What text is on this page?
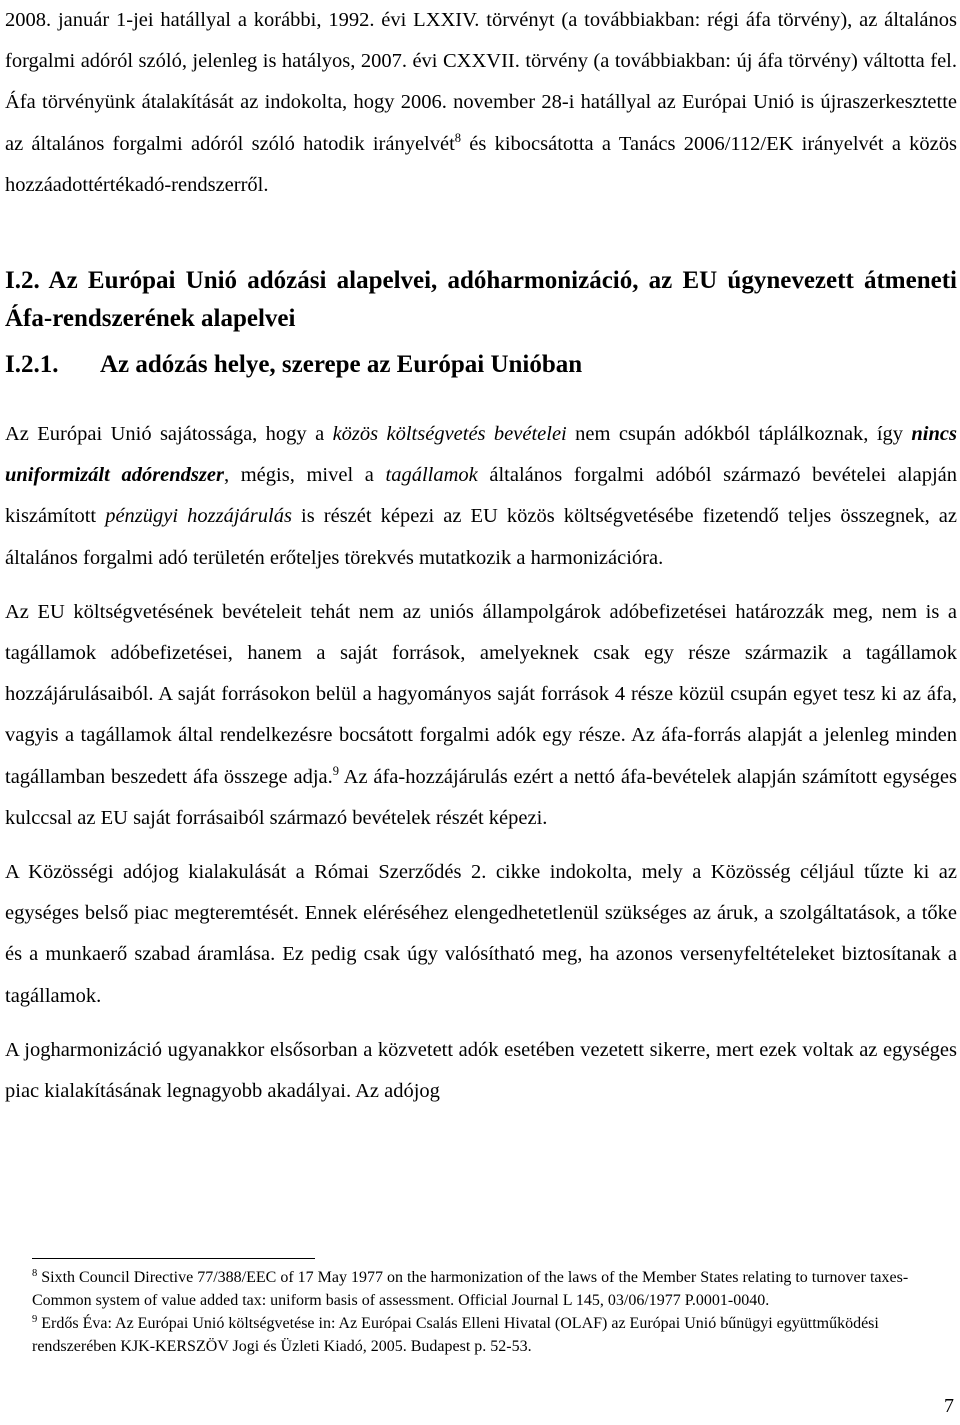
2008. január 1-jei hatállyal a korábbi, 1992. évi LXXIV. törvényt (a továbbiakban: régi áfa törvény), az általános forgalmi adóról szóló, jelenleg is hatályos, 2007. évi CXXVII. törvény (a továbbiakban: új áfa törvény) váltotta fel. Áfa törvényünk átalakítását az indokolta, hogy 2006. november 28-i hatállyal az Európai Unió is újraszerkesztette az általános forgalmi adóról szóló hatodik irányelvét$^8$ és kibocsátotta a Tanács 2006/112/EK irányelvét a közös hozzáadottértékadó-rendszerről.

I.2. Az Európai Unió adózási alapelvei, adóharmonizáció, az EU úgynevezett átmeneti Áfa-rendszerének alapelvei
I.2.1.	Az adózás helye, szerepe az Európai Unióban

Az Európai Unió sajátossága, hogy a közös költségvetés bevételei nem csupán adókból táplálkoznak, így nincs uniformizált adórendszer, mégis, mivel a tagállamok általános forgalmi adóból származó bevételei alapján kiszámított pénzügyi hozzájárulás is részét képezi az EU közös költségvetésébe fizetendő teljes összegnek, az általános forgalmi adó területén erőteljes törekvés mutatkozik a harmonizációra.

Az EU költségvetésének bevételeit tehát nem az uniós állampolgárok adóbefizetései határozzák meg, nem is a tagállamok adóbefizetései, hanem a saját források, amelyeknek csak egy része származik a tagállamok hozzájárulásaiból. A saját forrásokon belül a hagyományos saját források 4 része közül csupán egyet tesz ki az áfa, vagyis a tagállamok által rendelkezésre bocsátott forgalmi adók egy része. Az áfa-forrás alapját a jelenleg minden tagállamban beszedett áfa összege adja.$^9$ Az áfa-hozzájárulás ezért a nettó áfa-bevételek alapján számított egységes kulccsal az EU saját forrásaiból származó bevételek részét képezi.

A Közösségi adójog kialakulását a Római Szerződés 2. cikke indokolta, mely a Közösség céljául tűzte ki az egységes belső piac megteremtését. Ennek eléréséhez elengedhetetlenül szükséges az áruk, a szolgáltatások, a tőke és a munkaerő szabad áramlása. Ez pedig csak úgy valósítható meg, ha azonos versenyfeltételeket biztosítanak a tagállamok.

A jogharmonizáció ugyanakkor elsősorban a közvetett adók esetében vezetett sikerre, mert ezek voltak az egységes piac kialakításának legnagyobb akadályai. Az adójog

$^8$ Sixth Council Directive 77/388/EEC of 17 May 1977 on the harmonization of the laws of the Member States relating to turnover taxes- Common system of value added tax: uniform basis of assessment. Official Journal L 145, 03/06/1977 P.0001-0040.

$^9$ Erdős Éva: Az Európai Unió költségvetése in: Az Európai Csalás Elleni Hivatal (OLAF) az Európai Unió bűnügyi együttműködési rendszerében KJK-KERSZÖV Jogi és Üzleti Kiadó, 2005. Budapest p. 52-53.

7
